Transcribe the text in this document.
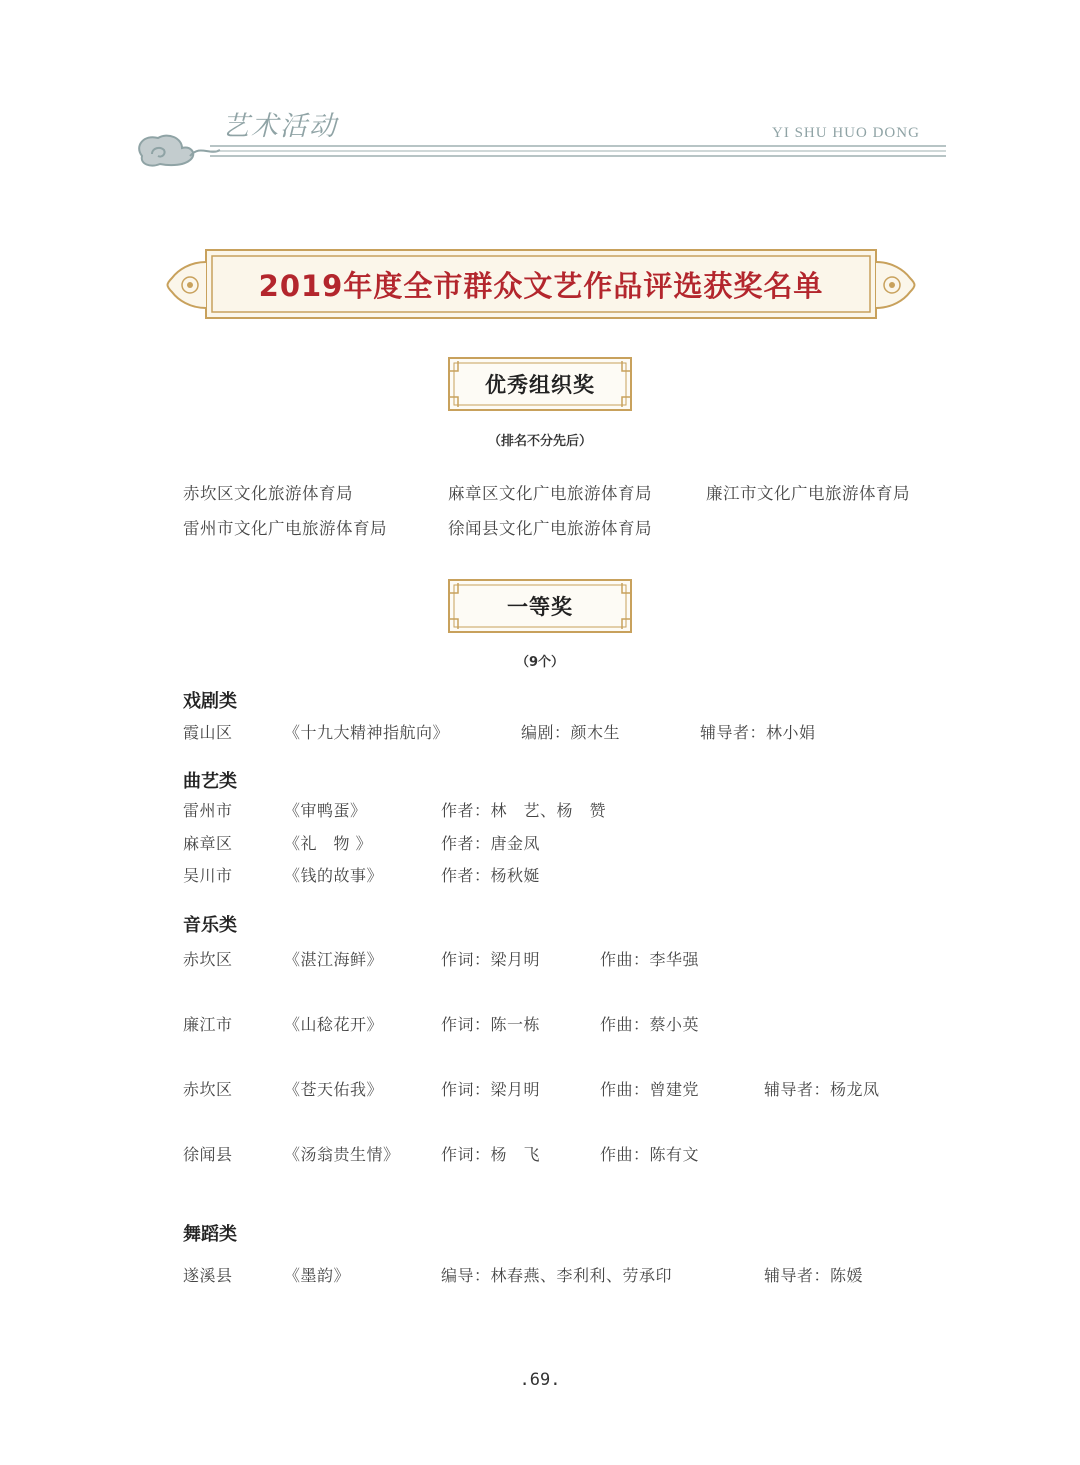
艺术活动	YI SHU HUO DONG
2019年度全市群众文艺作品评选获奖名单
优秀组织奖
（排名不分先后）
赤坎区文化旅游体育局	麻章区文化广电旅游体育局	廉江市文化广电旅游体育局
雷州市文化广电旅游体育局	徐闻县文化广电旅游体育局
一等奖
（9个）
戏剧类
霞山区	《十九大精神指航向》	编剧：颜木生	辅导者：林小娟
曲艺类
雷州市	《审鸭蛋》	作者：林　艺、杨　赞
麻章区	《礼　物 》	作者：唐金凤
吴川市	《钱的故事》	作者：杨秋娫
音乐类
赤坎区	《湛江海鲜》	作词：梁月明	作曲：李华强
廉江市	《山稔花开》	作词：陈一栋	作曲：蔡小英
赤坎区	《苍天佑我》	作词：梁月明	作曲：曾建党	辅导者：杨龙凤
徐闻县	《汤翁贵生情》	作词：杨　飞	作曲：陈有文
舞蹈类
遂溪县	《墨韵》	编导：林春燕、李利利、劳承印	辅导者：陈媛
.69.
